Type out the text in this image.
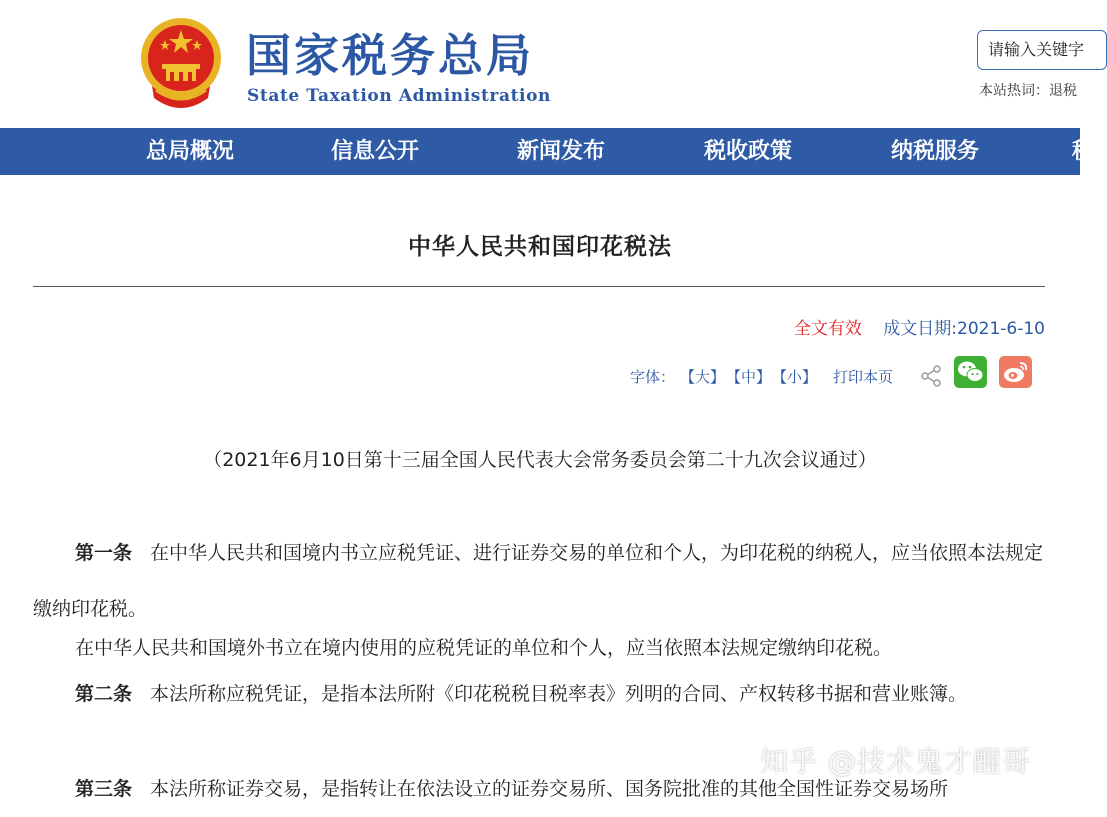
国家税务总局
State Taxation Administration
请输入关键字
本站热词：退税
总局概况	信息公开	新闻发布	税收政策	纳税服务	税
中华人民共和国印花税法
全文有效 成文日期:2021-6-10
字体： 【大】 【中】 【小】 打印本页
（2021年6月10日第十三届全国人民代表大会常务委员会第二十九次会议通过）
第一条 在中华人民共和国境内书立应税凭证、进行证券交易的单位和个人，为印花税的纳税人，应当依照本法规定缴纳印花税。
在中华人民共和国境外书立在境内使用的应税凭证的单位和个人，应当依照本法规定缴纳印花税。
第二条 本法所称应税凭证，是指本法所附《印花税税目税率表》列明的合同、产权转移书据和营业账簿。
第三条 本法所称证券交易，是指转让在依法设立的证券交易所、国务院批准的其他全国性证券交易场所
知乎 @技术鬼才醒哥
